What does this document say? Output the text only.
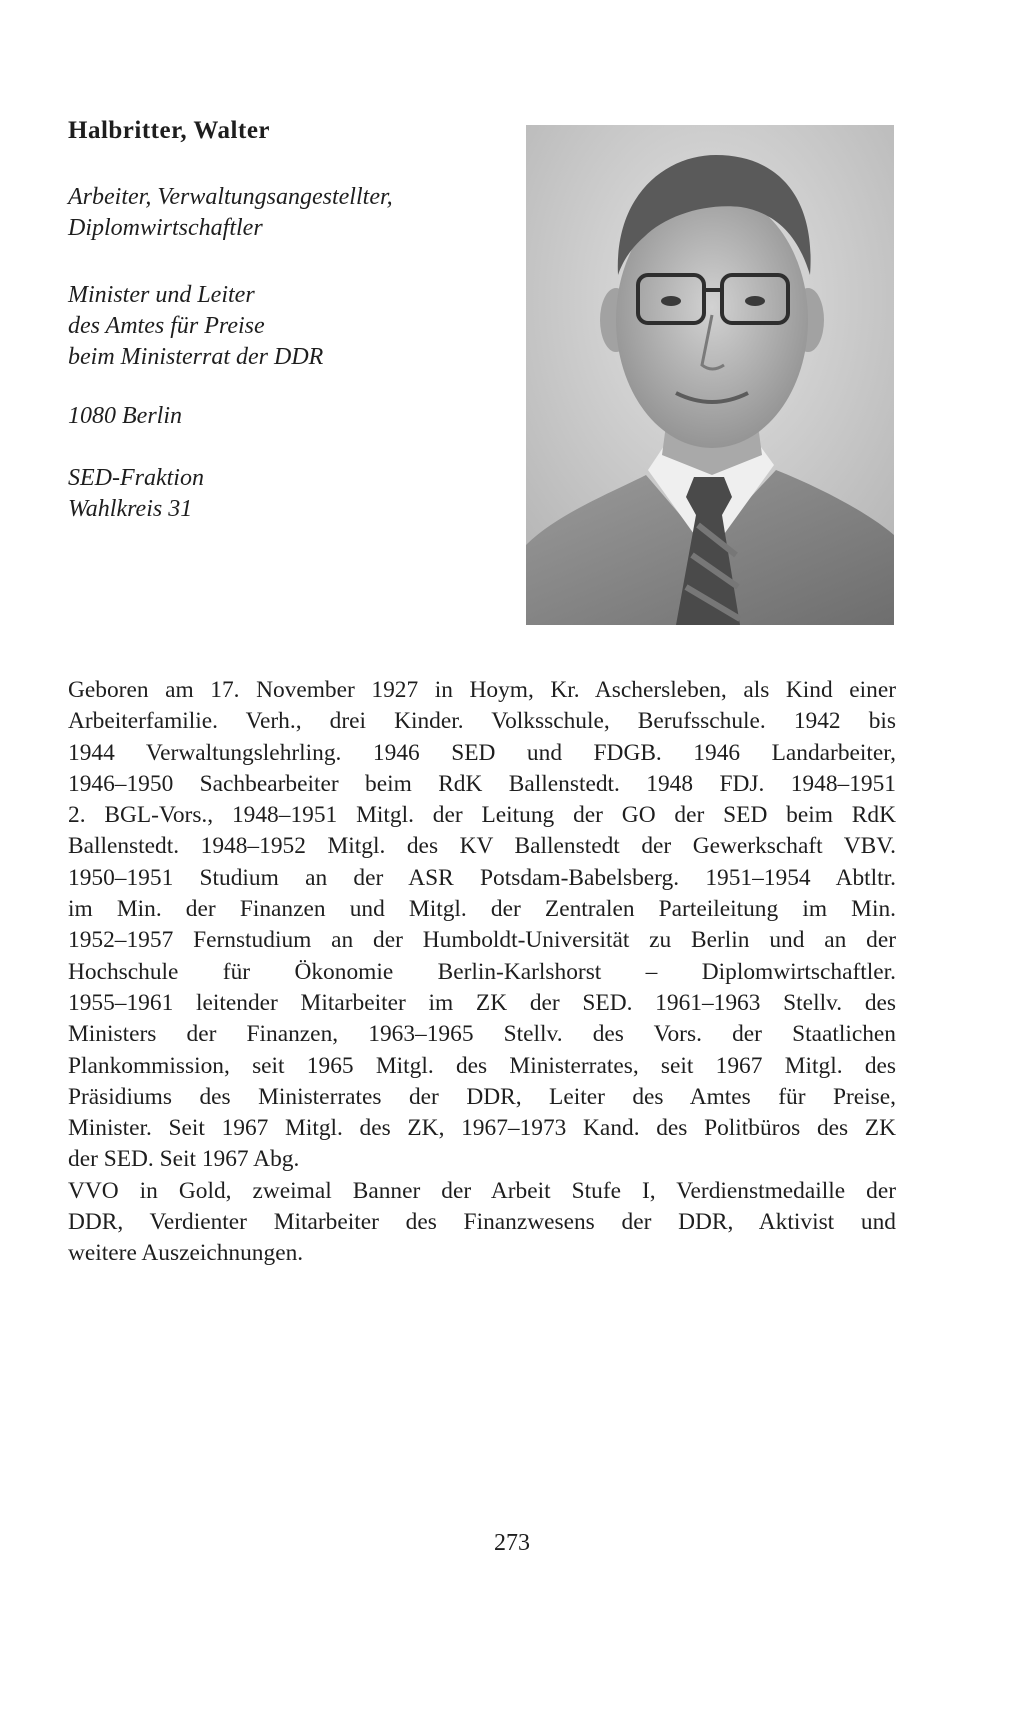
Halbritter, Walter
Arbeiter, Verwaltungsangestellter,
Diplomwirtschaftler
Minister und Leiter
des Amtes für Preise
beim Ministerrat der DDR
1080 Berlin
SED-Fraktion
Wahlkreis 31
Geboren am 17. November 1927 in Hoym, Kr. Aschersleben, als Kind einer
Arbeiterfamilie. Verh., drei Kinder. Volksschule, Berufsschule. 1942 bis
1944 Verwaltungslehrling. 1946 SED und FDGB. 1946 Landarbeiter,
1946–1950 Sachbearbeiter beim RdK Ballenstedt. 1948 FDJ. 1948–1951
2. BGL-Vors., 1948–1951 Mitgl. der Leitung der GO der SED beim RdK
Ballenstedt. 1948–1952 Mitgl. des KV Ballenstedt der Gewerkschaft VBV.
1950–1951 Studium an der ASR Potsdam-Babelsberg. 1951–1954 Abtltr.
im Min. der Finanzen und Mitgl. der Zentralen Parteileitung im Min.
1952–1957 Fernstudium an der Humboldt-Universität zu Berlin und an der
Hochschule für Ökonomie Berlin-Karlshorst – Diplomwirtschaftler.
1955–1961 leitender Mitarbeiter im ZK der SED. 1961–1963 Stellv. des
Ministers der Finanzen, 1963–1965 Stellv. des Vors. der Staatlichen
Plankommission, seit 1965 Mitgl. des Ministerrates, seit 1967 Mitgl. des
Präsidiums des Ministerrates der DDR, Leiter des Amtes für Preise,
Minister. Seit 1967 Mitgl. des ZK, 1967–1973 Kand. des Politbüros des ZK
der SED. Seit 1967 Abg.
VVO in Gold, zweimal Banner der Arbeit Stufe I, Verdienstmedaille der
DDR, Verdienter Mitarbeiter des Finanzwesens der DDR, Aktivist und
weitere Auszeichnungen.
273
